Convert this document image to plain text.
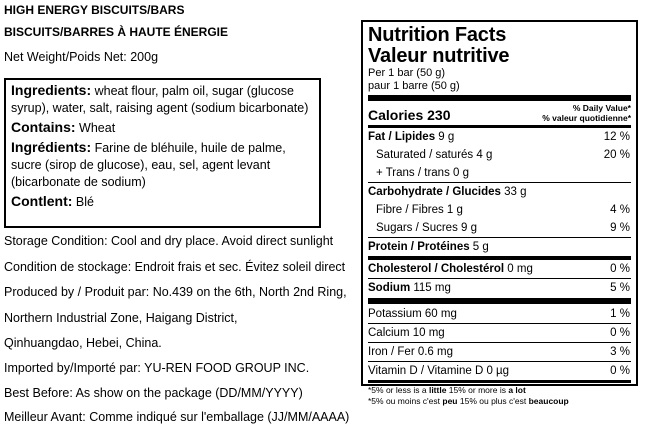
HIGH ENERGY BISCUITS/BARS
BISCUITS/BARRES À HAUTE ÉNERGIE
Net Weight/Poids Net: 200g
Ingredients: wheat flour, palm oil, sugar (glucose
syrup), water, salt, raising agent (sodium bicarbonate)
Contains: Wheat
Ingrédients: Farine de bléhuile, huile de palme,
sucre (sirop de glucose), eau, sel, agent levant
(bicarbonate de sodium)
Contlent: Blé
Storage Condition: Cool and dry place. Avoid direct sunlight
Condition de stockage: Endroit frais et sec. Évitez soleil direct
Produced by / Produit par: No.439 on the 6th, North 2nd Ring,
Northern Industrial Zone, Haigang District,
Qinhuangdao, Hebei, China.
Imported by/Importé par: YU-REN FOOD GROUP INC.
Best Before: As show on the package (DD/MM/YYYY)
Meilleur Avant: Comme indiqué sur l'emballage (JJ/MM/AAAA)
Nutrition Facts
Valeur nutritive
Per 1 bar (50 g)
paur 1 barre (50 g)
Calories 230	% Daily Value*
% valeur quotidienne*
Fat / Lipides 9 g	12 %
Saturated / saturés 4 g	20 %
+ Trans / trans 0 g
Carbohydrate / Glucides 33 g
Fibre / Fibres 1 g	4 %
Sugars / Sucres 9 g	9 %
Protein / Protéines 5 g
Cholesterol / Cholestérol 0 mg	0 %
Sodium 115 mg	5 %
Potassium 60 mg	1 %
Calcium 10 mg	0 %
Iron / Fer 0.6 mg	3 %
Vitamin D / Vitamine D 0 µg	0 %
*5% or less is a little 15% or more is a lot
*5% ou moins c'est peu 15% ou plus c'est beaucoup
